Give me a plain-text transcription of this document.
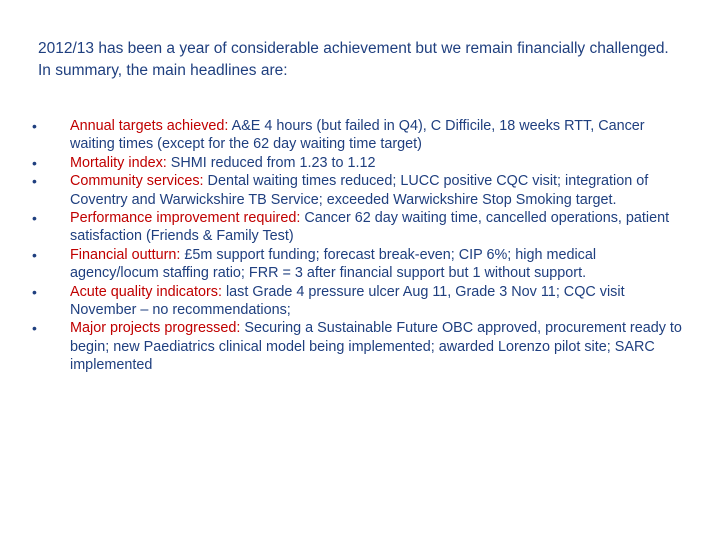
2012/13 has been a year of considerable achievement but we remain financially challenged. In summary, the main headlines are:

• Annual targets achieved: A&E 4 hours (but failed in Q4), C Difficile, 18 weeks RTT, Cancer waiting times (except for the 62 day waiting time target)
• Mortality index: SHMI reduced from 1.23 to 1.12
• Community services: Dental waiting times reduced; LUCC positive CQC visit; integration of Coventry and Warwickshire TB Service; exceeded Warwickshire Stop Smoking target.
• Performance improvement required: Cancer 62 day waiting time, cancelled operations, patient satisfaction (Friends & Family Test)
• Financial outturn: £5m support funding; forecast break-even; CIP 6%; high medical agency/locum staffing ratio; FRR = 3 after financial support but 1 without support.
• Acute quality indicators: last Grade 4 pressure ulcer Aug 11, Grade 3 Nov 11; CQC visit November – no recommendations;
• Major projects progressed: Securing a Sustainable Future OBC approved, procurement ready to begin; new Paediatrics clinical model being implemented; awarded Lorenzo pilot site; SARC implemented
